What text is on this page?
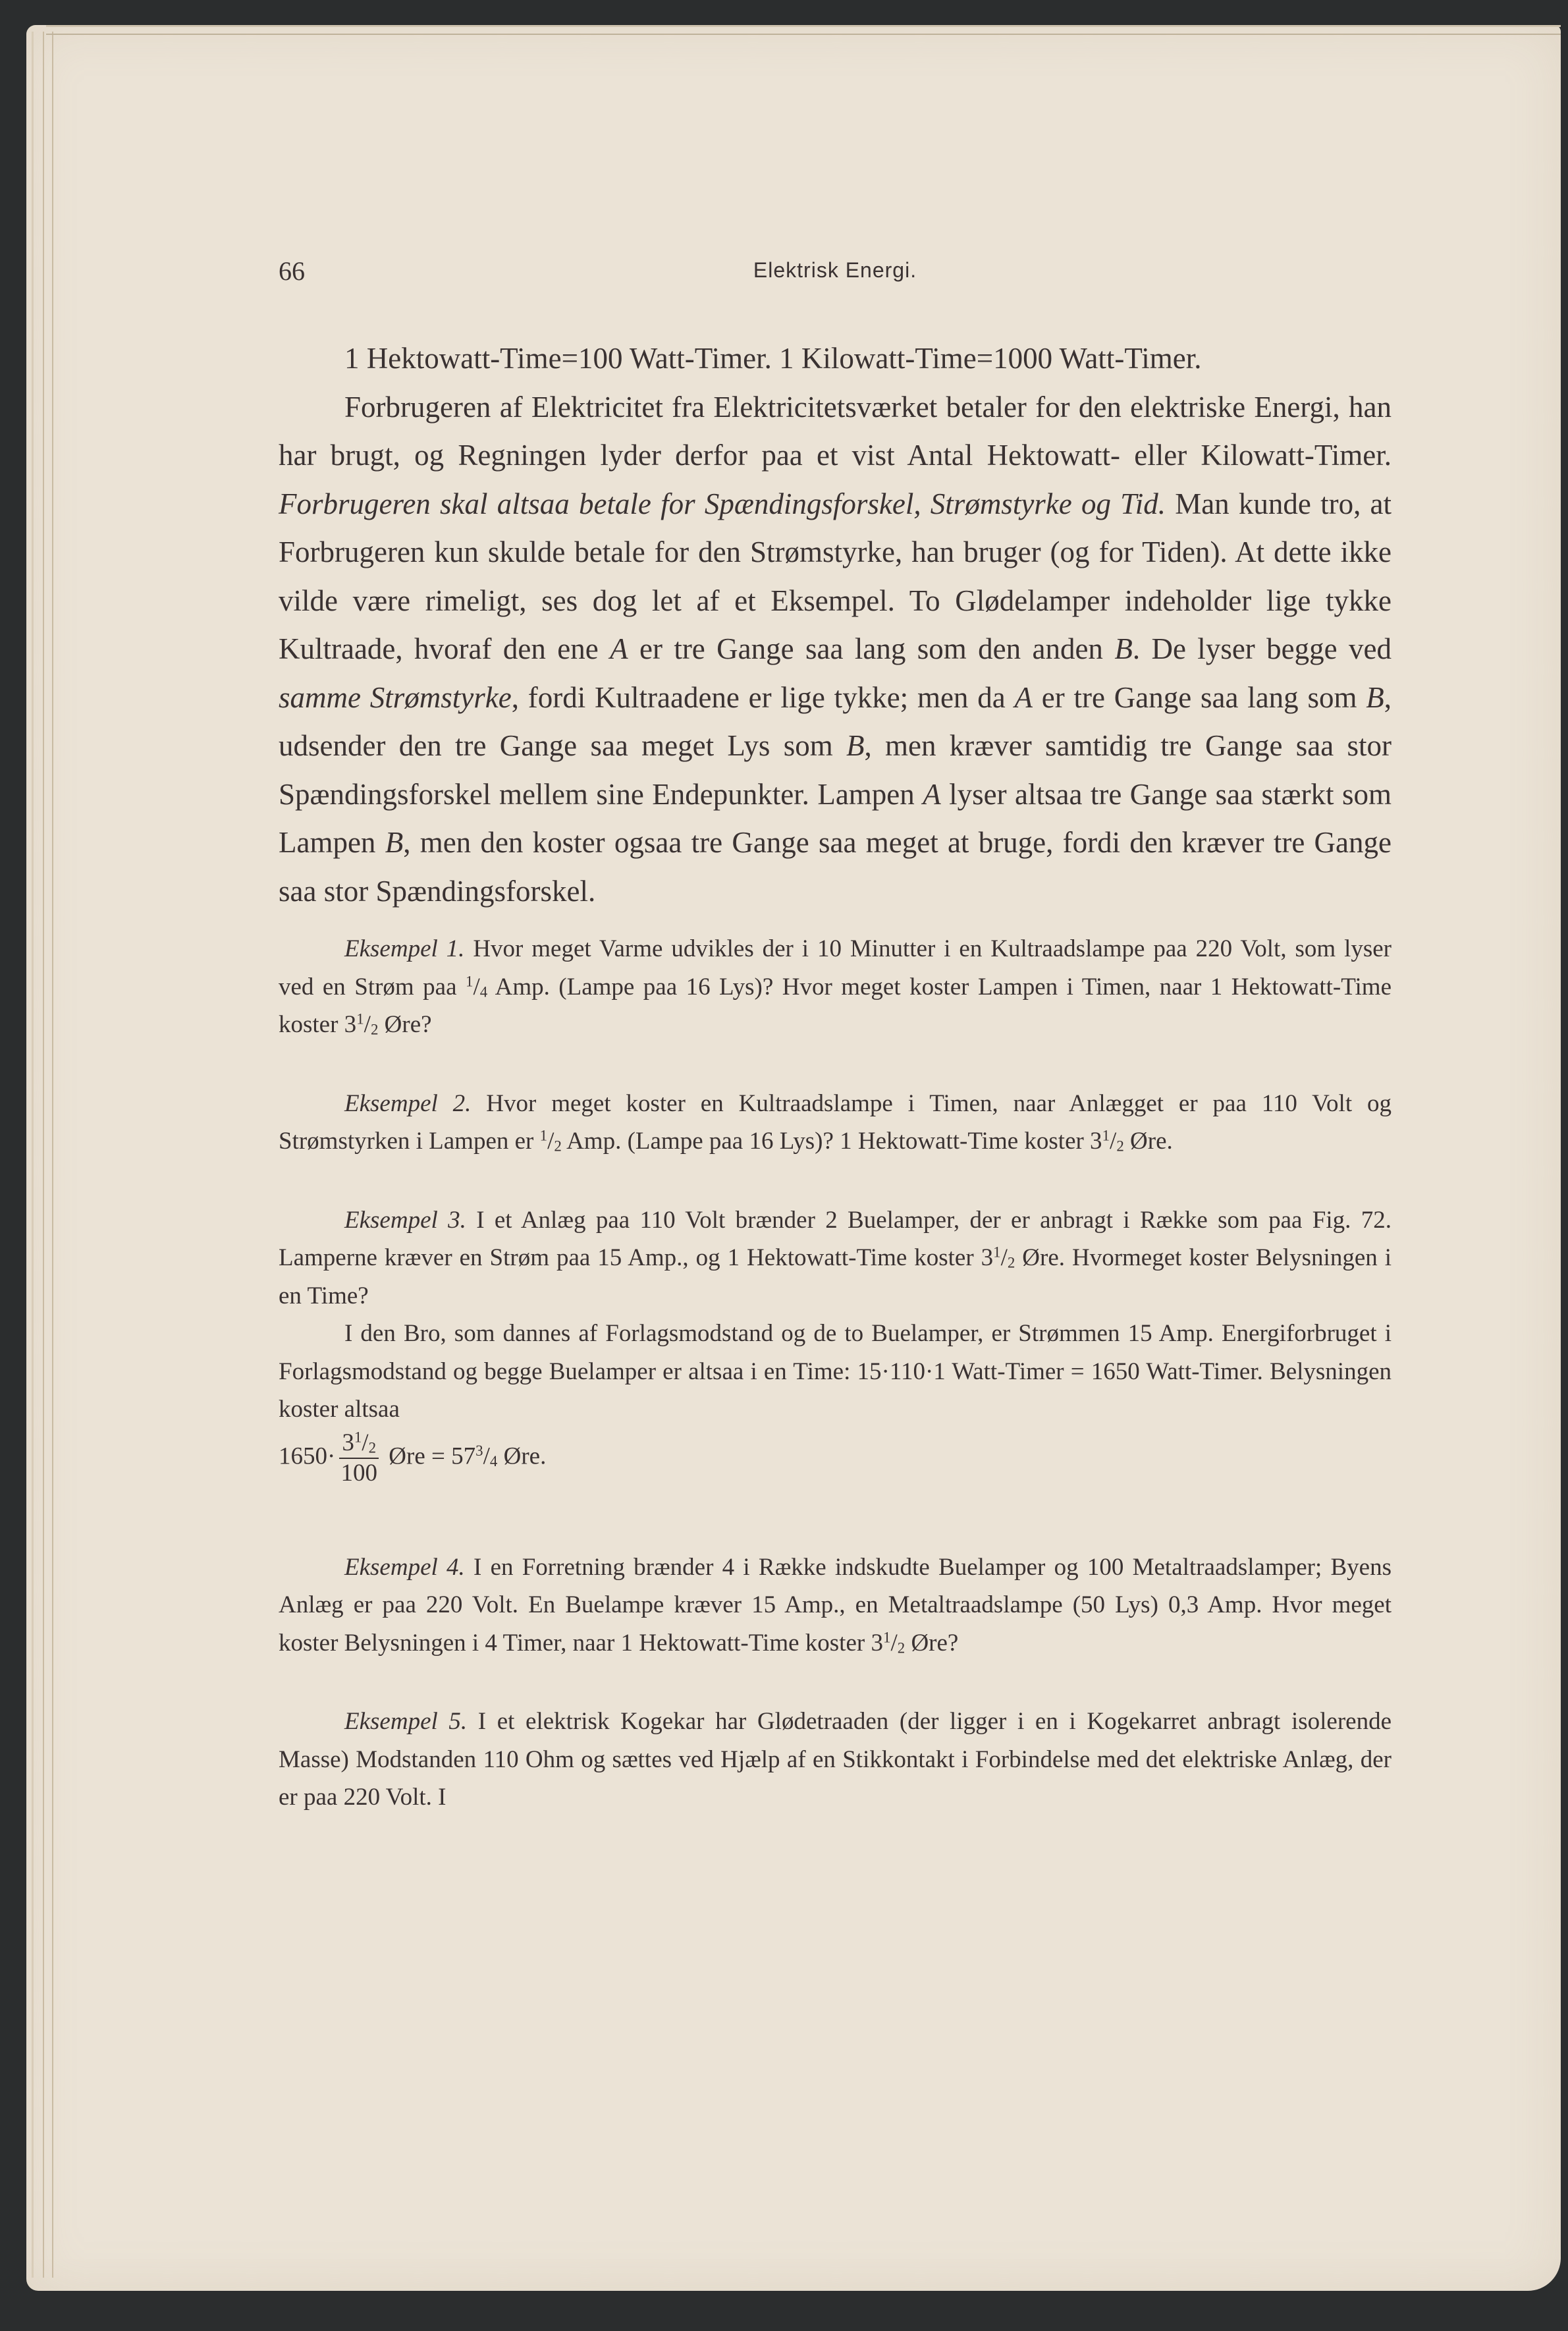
66	Elektrisk Energi.

1 Hektowatt-Time=100 Watt-Timer. 1 Kilowatt-Time=1000 Watt-Timer.

Forbrugeren af Elektricitet fra Elektricitetsværket betaler for den elektriske Energi, han har brugt, og Regningen lyder derfor paa et vist Antal Hektowatt- eller Kilowatt-Timer. Forbrugeren skal altsaa betale for Spændingsforskel, Strømstyrke og Tid. Man kunde tro, at Forbrugeren kun skulde betale for den Strømstyrke, han bruger (og for Tiden). At dette ikke vilde være rimeligt, ses dog let af et Eksempel. To Glødelamper indeholder lige tykke Kultraade, hvoraf den ene A er tre Gange saa lang som den anden B. De lyser begge ved samme Strømstyrke, fordi Kultraadene er lige tykke; men da A er tre Gange saa lang som B, udsender den tre Gange saa meget Lys som B, men kræver samtidig tre Gange saa stor Spændingsforskel mellem sine Endepunkter. Lampen A lyser altsaa tre Gange saa stærkt som Lampen B, men den koster ogsaa tre Gange saa meget at bruge, fordi den kræver tre Gange saa stor Spændingsforskel.

Eksempel 1. Hvor meget Varme udvikles der i 10 Minutter i en Kultraadslampe paa 220 Volt, som lyser ved en Strøm paa $^1/_4$ Amp. (Lampe paa 16 Lys)? Hvor meget koster Lampen i Timen, naar 1 Hektowatt-Time koster $3^1/_2$ Øre?

Eksempel 2. Hvor meget koster en Kultraadslampe i Timen, naar Anlægget er paa 110 Volt og Strømstyrken i Lampen er $^1/_2$ Amp. (Lampe paa 16 Lys)? 1 Hektowatt-Time koster $3^1/_2$ Øre.

Eksempel 3. I et Anlæg paa 110 Volt brænder 2 Buelamper, der er anbragt i Række som paa Fig. 72. Lamperne kræver en Strøm paa 15 Amp., og 1 Hektowatt-Time koster $3^1/_2$ Øre. Hvormeget koster Belysningen i en Time?

I den Bro, som dannes af Forlagsmodstand og de to Buelamper, er Strømmen 15 Amp. Energiforbruget i Forlagsmodstand og begge Buelamper er altsaa i en Time: 15·110·1 Watt-Timer = 1650 Watt-Timer. Belysningen koster altsaa

$1650\cdot \frac{3^1/_2}{100}$ Øre = $57^3/_4$ Øre.

Eksempel 4. I en Forretning brænder 4 i Række indskudte Buelamper og 100 Metaltraadslamper; Byens Anlæg er paa 220 Volt. En Buelampe kræver 15 Amp., en Metaltraadslampe (50 Lys) 0,3 Amp. Hvor meget koster Belysningen i 4 Timer, naar 1 Hektowatt-Time koster $3^1/_2$ Øre?

Eksempel 5. I et elektrisk Kogekar har Glødetraaden (der ligger i en i Kogekarret anbragt isolerende Masse) Modstanden 110 Ohm og sættes ved Hjælp af en Stikkontakt i Forbindelse med det elektriske Anlæg, der er paa 220 Volt. I
